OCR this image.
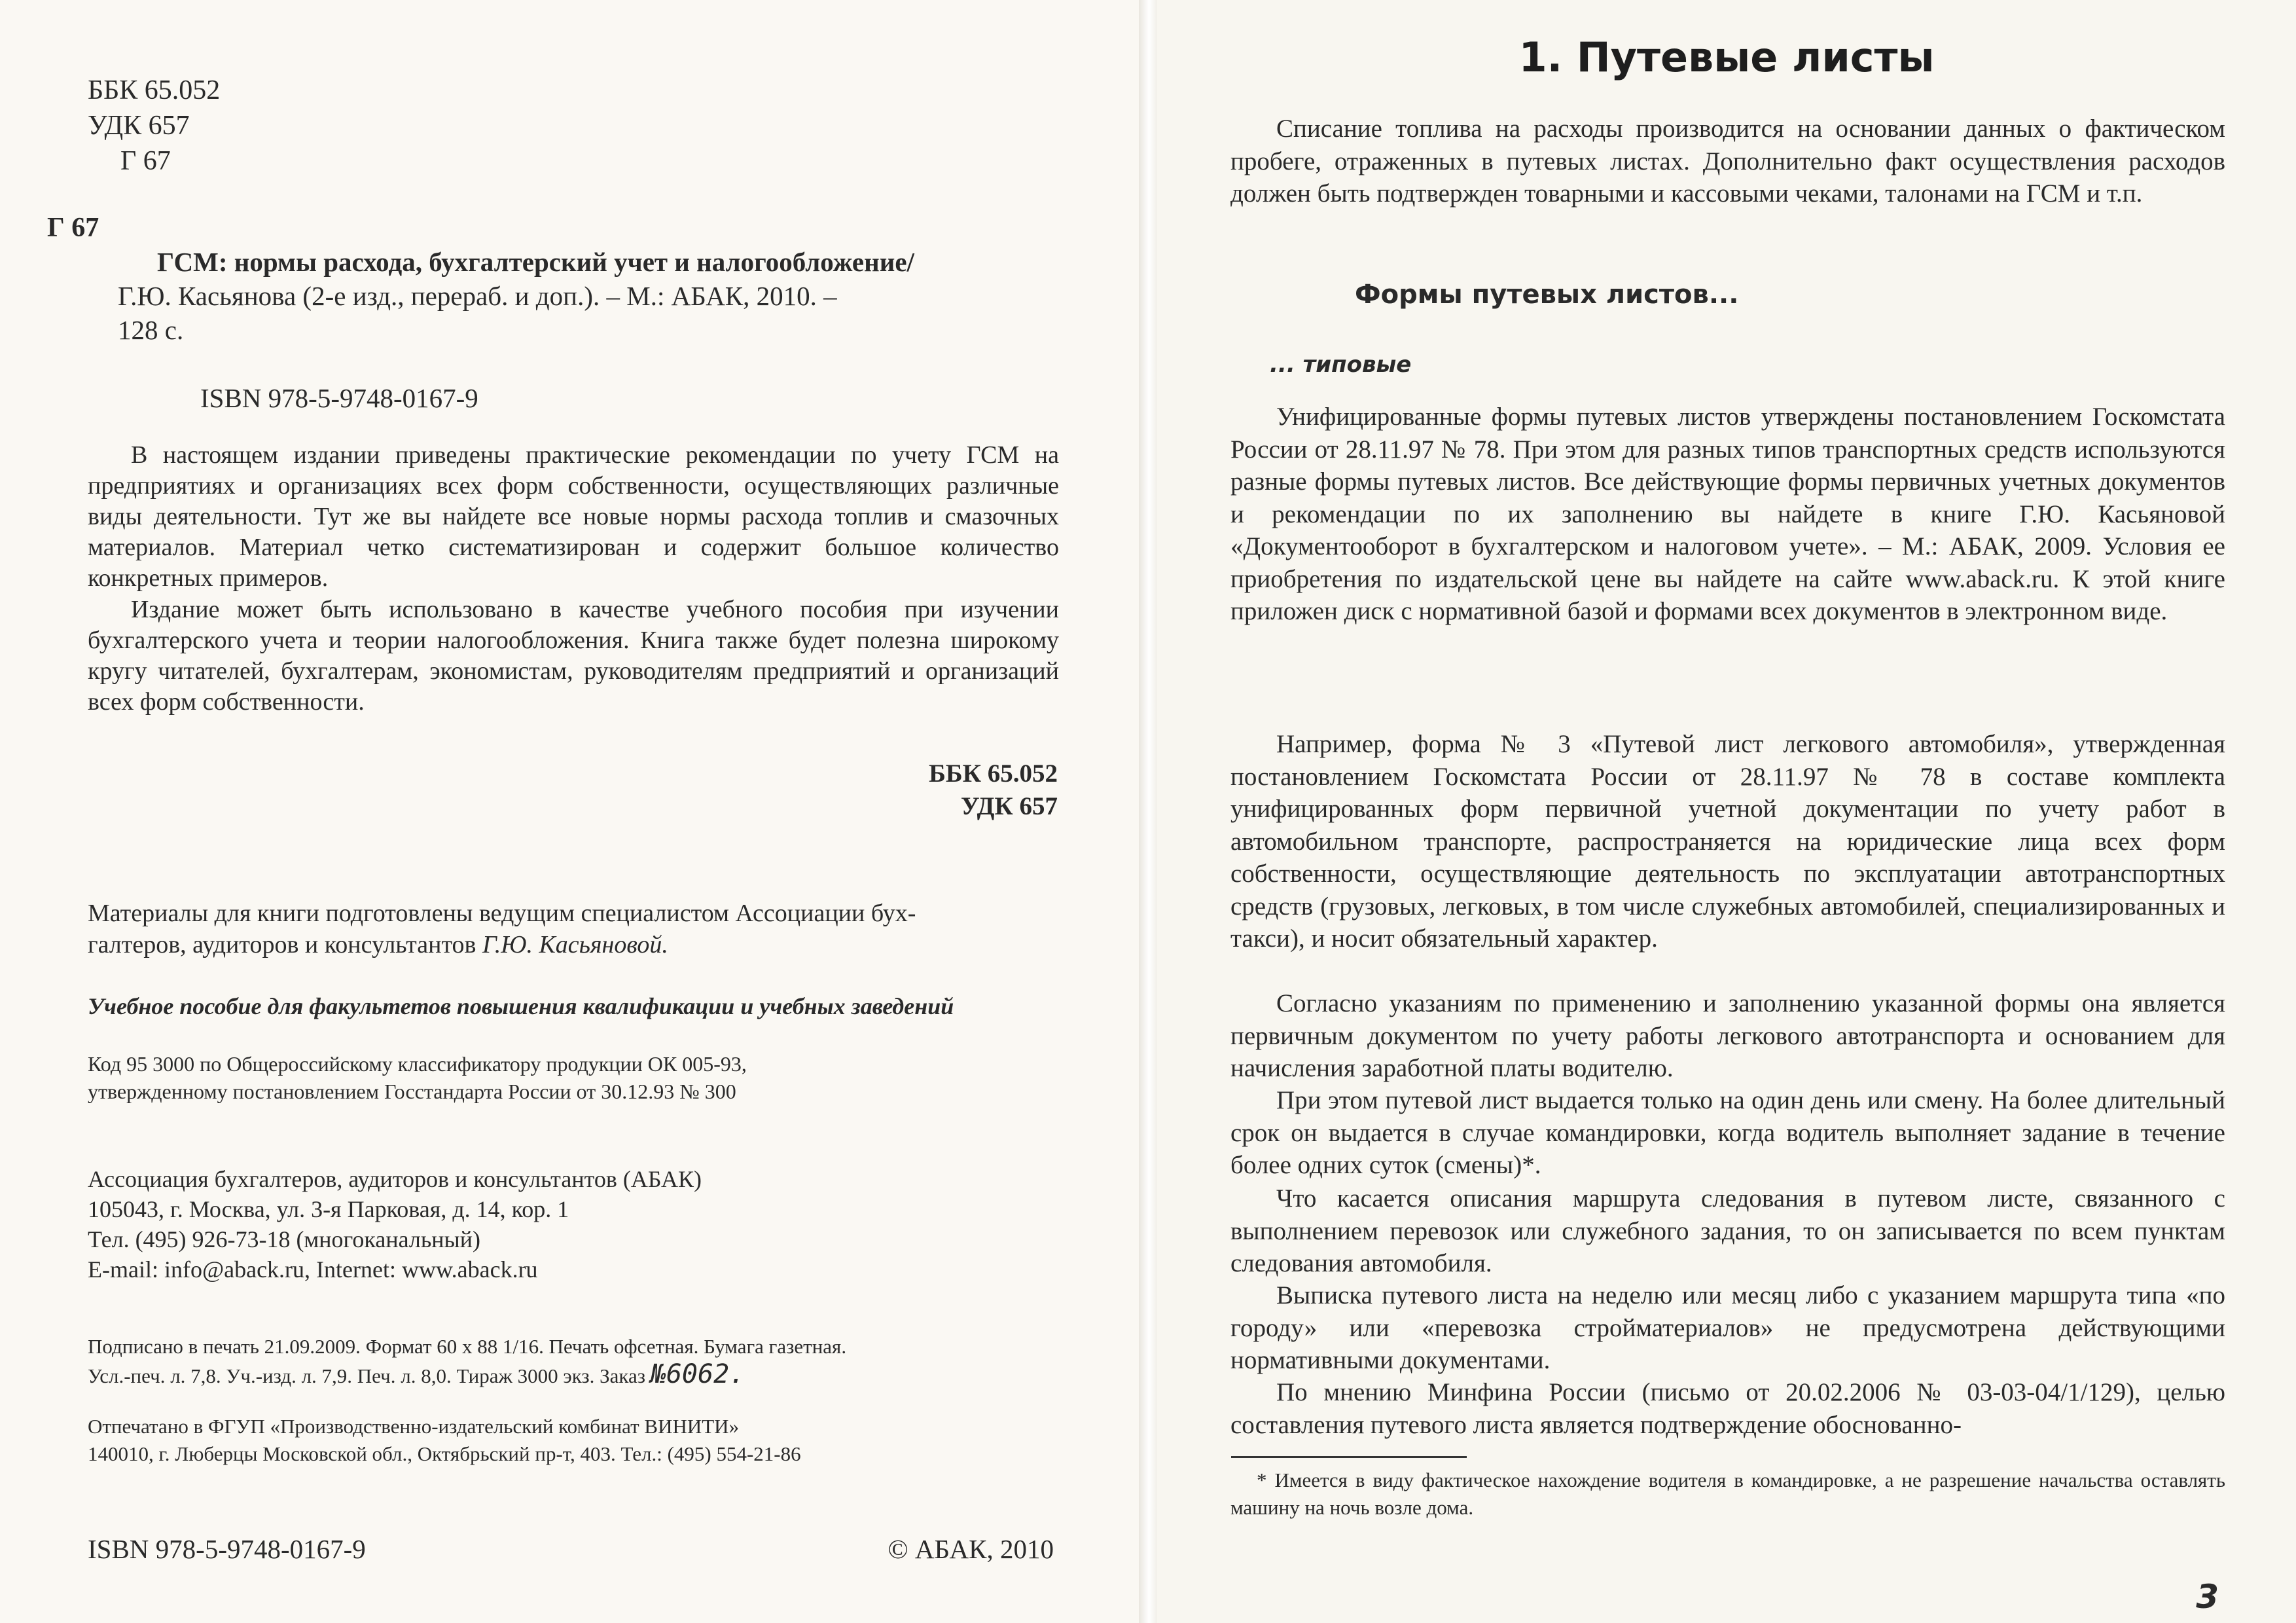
ББК 65.052
УДК 657
Г 67
Г 67
ГСМ: нормы расхода, бухгалтерский учет и налогообложение/
Г.Ю. Касьянова (2-е изд., перераб. и доп.). – М.: АБАК, 2010. –
128 с.
ISBN 978-5-9748-0167-9
В настоящем издании приведены практические рекомендации по учету ГСМ на предприятиях и организациях всех форм собственности, осуществляющих различные виды деятельности. Тут же вы найдете все новые нормы расхода топлив и смазочных материалов. Материал четко систематизирован и содержит большое количество конкретных примеров.
Издание может быть использовано в качестве учебного пособия при изучении бухгалтерского учета и теории налогообложения. Книга также будет полезна широкому кругу читателей, бухгалтерам, экономистам, руководителям предприятий и организаций всех форм собственности.
ББК 65.052
УДК 657
Материалы для книги подготовлены ведущим специалистом Ассоциации бух-
галтеров, аудиторов и консультантов Г.Ю. Касьяновой.
Учебное пособие для факультетов повышения квалификации и учебных заведений
Код 95 3000 по Общероссийскому классификатору продукции ОК 005-93,
утвержденному постановлением Госстандарта России от 30.12.93 № 300
Ассоциация бухгалтеров, аудиторов и консультантов (АБАК)
105043, г. Москва, ул. 3-я Парковая, д. 14, кор. 1
Тел. (495) 926-73-18 (многоканальный)
E-mail: info@aback.ru, Internet: www.aback.ru
Подписано в печать 21.09.2009. Формат 60 х 88 1/16. Печать офсетная. Бумага газетная.
Усл.-печ. л. 7,8. Уч.-изд. л. 7,9. Печ. л. 8,0. Тираж 3000 экз. Заказ №6062.
Отпечатано в ФГУП «Производственно-издательский комбинат ВИНИТИ»
140010, г. Люберцы Московской обл., Октябрьский пр-т, 403. Тел.: (495) 554-21-86
ISBN 978-5-9748-0167-9	© АБАК, 2010
1. Путевые листы
Списание топлива на расходы производится на основании данных о фактическом пробеге, отраженных в путевых листах. Дополнительно факт осуществления расходов должен быть подтвержден товарными и кассовыми чеками, талонами на ГСМ и т.п.
Формы путевых листов...
... типовые
Унифицированные формы путевых листов утверждены постановлением Госкомстата России от 28.11.97 № 78. При этом для разных типов транспортных средств используются разные формы путевых листов. Все действующие формы первичных учетных документов и рекомендации по их заполнению вы найдете в книге Г.Ю. Касьяновой «Документооборот в бухгалтерском и налоговом учете». – М.: АБАК, 2009. Условия ее приобретения по издательской цене вы найдете на сайте www.aback.ru. К этой книге приложен диск с нормативной базой и формами всех документов в электронном виде.
Например, форма № 3 «Путевой лист легкового автомобиля», утвержденная постановлением Госкомстата России от 28.11.97 № 78 в составе комплекта унифицированных форм первичной учетной документации по учету работ в автомобильном транспорте, распространяется на юридические лица всех форм собственности, осуществляющие деятельность по эксплуатации автотранспортных средств (грузовых, легковых, в том числе служебных автомобилей, специализированных и такси), и носит обязательный характер.
Согласно указаниям по применению и заполнению указанной формы она является первичным документом по учету работы легкового автотранспорта и основанием для начисления заработной платы водителю.
При этом путевой лист выдается только на один день или смену. На более длительный срок он выдается в случае командировки, когда водитель выполняет задание в течение более одних суток (смены)*.
Что касается описания маршрута следования в путевом листе, связанного с выполнением перевозок или служебного задания, то он записывается по всем пунктам следования автомобиля.
Выписка путевого листа на неделю или месяц либо с указанием маршрута типа «по городу» или «перевозка стройматериалов» не предусмотрена действующими нормативными документами.
По мнению Минфина России (письмо от 20.02.2006 № 03-03-04/1/129), целью составления путевого листа является подтверждение обоснованно-
* Имеется в виду фактическое нахождение водителя в командировке, а не разрешение начальства оставлять машину на ночь возле дома.
3
